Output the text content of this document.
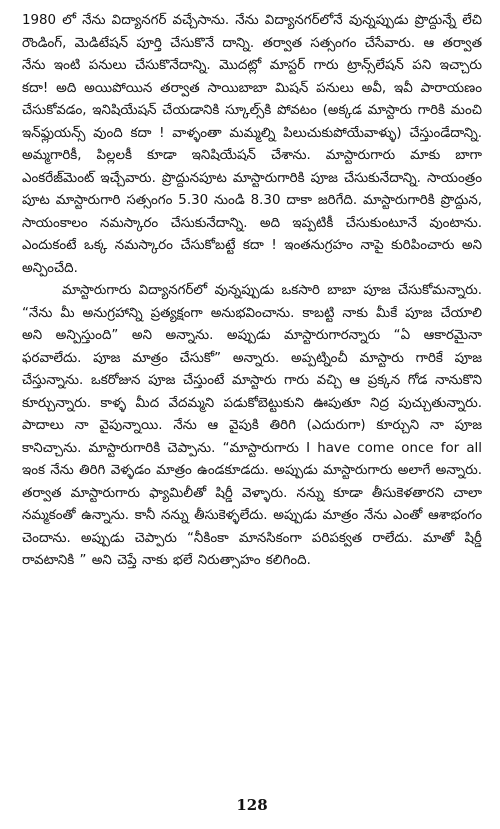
1980 లో నేను విద్యానగర్ వచ్చేసాను. నేను విద్యానగర్‌లోనే వున్నప్పుడు ప్రొద్దున్నే లేచి రౌండింగ్, మెడిటేషన్ పూర్తి చేసుకొనే దాన్ని. తర్వాత సత్సంగం చేసేవారు. ఆ తర్వాత నేను ఇంటి పనులు చేసుకొనేదాన్ని. మొదట్లో మాస్టర్ గారు ట్రాన్స్‌లేషన్ పని ఇచ్చారు కదా! అది అయిపోయిన తర్వాత సాయిబాబా మిషన్ పనులు అవీ, ఇవీ పారాయణం చేసుకోవడం, ఇనిషియేషన్ చేయడానికి స్కూల్స్‌కి పోవటం (అక్కడ మాస్టారు గారికి మంచి ఇన్‌ఫ్లుయన్స్ వుంది కదా ! వాళ్ళంతా మమ్మల్ని పిలుచుకుపోయేవాళ్ళు) చేస్తుండేదాన్ని. అమ్మగారికీ, పిల్లలకీ కూడా ఇనిషియేషన్ చేశాను. మాస్టారుగారు మాకు బాగా ఎంకరేజ్‌మెంట్ ఇచ్చేవారు. ప్రొద్దునపూట మాస్టారుగారికి పూజ చేసుకునేదాన్ని. సాయంత్రం పూట మాస్టారుగారి సత్సంగం 5.30 నుండి 8.30 దాకా జరిగేది. మాస్టారుగారికి ప్రొద్దున, సాయంకాలం నమస్కారం చేసుకునేదాన్ని. అది ఇప్పటికీ చేసుకుంటూనే వుంటాను. ఎందుకంటే ఒక్క నమస్కారం చేసుకోబట్టే కదా ! ఇంతనుగ్రహం నాపై కురిపించారు అని అన్పించేది.

మాస్టారుగారు విద్యానగర్‌లో వున్నప్పుడు ఒకసారి బాబా పూజ చేసుకోమన్నారు. “నేను మీ అనుగ్రహాన్ని ప్రత్యక్షంగా అనుభవించాను. కాబట్టి నాకు మీకే పూజ చేయాలి అని అన్పిస్తుంది” అని అన్నాను. అప్పుడు మాస్టారుగారన్నారు “ఏ ఆకారమైనా ఫరవాలేదు. పూజ మాత్రం చేసుకో” అన్నారు. అప్పట్నించీ మాస్టారు గారికే పూజ చేస్తున్నాను. ఒకరోజున పూజ చేస్తుంటే మాస్టారు గారు వచ్చి ఆ ప్రక్కన గోడ నానుకొని కూర్చున్నారు. కాళ్ళ మీద వేదమ్మని పడుకోబెట్టుకుని ఊపుతూ నిద్ర పుచ్చుతున్నారు. పాదాలు నా వైపున్నాయి. నేను ఆ వైపుకి తిరిగి (ఎదురుగా) కూర్చుని నా పూజ కానిచ్చాను. మాస్టారుగారికి చెప్పాను. “మాస్టారుగారు I have come once for all ఇంక నేను తిరిగి వెళ్ళడం మాత్రం ఉండకూడదు. అప్పుడు మాస్టారుగారు అలాగే అన్నారు. తర్వాత మాస్టారుగారు ఫ్యామిలీతో షిర్డీ వెళ్ళారు. నన్ను కూడా తీసుకెళతారని చాలా నమ్మకంతో ఉన్నాను. కానీ నన్ను తీసుకెళ్ళలేదు. అప్పుడు మాత్రం నేను ఎంతో ఆశాభంగం చెందాను. అప్పుడు చెప్పారు “నీకింకా మానసికంగా పరిపక్వత రాలేదు. మాతో షిర్డీ రావటానికి ” అని చెప్తే నాకు భలే నిరుత్సాహం కలిగింది.

128
